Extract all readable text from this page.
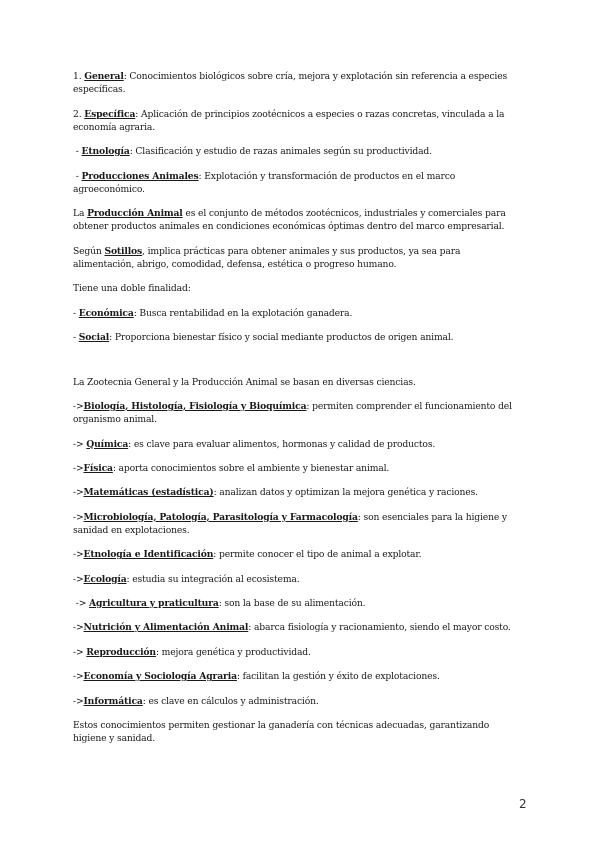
1. General: Conocimientos biológicos sobre cría, mejora y explotación sin referencia a especies específicas.
2. Específica: Aplicación de principios zootécnicos a especies o razas concretas, vinculada a la economía agraria.
- Etnología: Clasificación y estudio de razas animales según su productividad.
- Producciones Animales: Explotación y transformación de productos en el marco agroeconómico.
La Producción Animal es el conjunto de métodos zootécnicos, industriales y comerciales para obtener productos animales en condiciones económicas óptimas dentro del marco empresarial.
Según Sotillos, implica prácticas para obtener animales y sus productos, ya sea para alimentación, abrigo, comodidad, defensa, estética o progreso humano.
Tiene una doble finalidad:
- Económica: Busca rentabilidad en la explotación ganadera.
- Social: Proporciona bienestar físico y social mediante productos de origen animal.
La Zootecnia General y la Producción Animal se basan en diversas ciencias.
->Biología, Histología, Fisiología y Bioquímica: permiten comprender el funcionamiento del organismo animal.
-> Química: es clave para evaluar alimentos, hormonas y calidad de productos.
->Física: aporta conocimientos sobre el ambiente y bienestar animal.
->Matemáticas (estadística): analizan datos y optimizan la mejora genética y raciones.
->Microbiología, Patología, Parasitología y Farmacología: son esenciales para la higiene y sanidad en explotaciones.
->Etnología e Identificación: permite conocer el tipo de animal a explotar.
->Ecología: estudia su integración al ecosistema.
-> Agricultura y praticultura: son la base de su alimentación.
->Nutrición y Alimentación Animal: abarca fisiología y racionamiento, siendo el mayor costo.
-> Reproducción: mejora genética y productividad.
->Economía y Sociología Agraria: facilitan la gestión y éxito de explotaciones.
->Informática: es clave en cálculos y administración.
Estos conocimientos permiten gestionar la ganadería con técnicas adecuadas, garantizando higiene y sanidad.
2
